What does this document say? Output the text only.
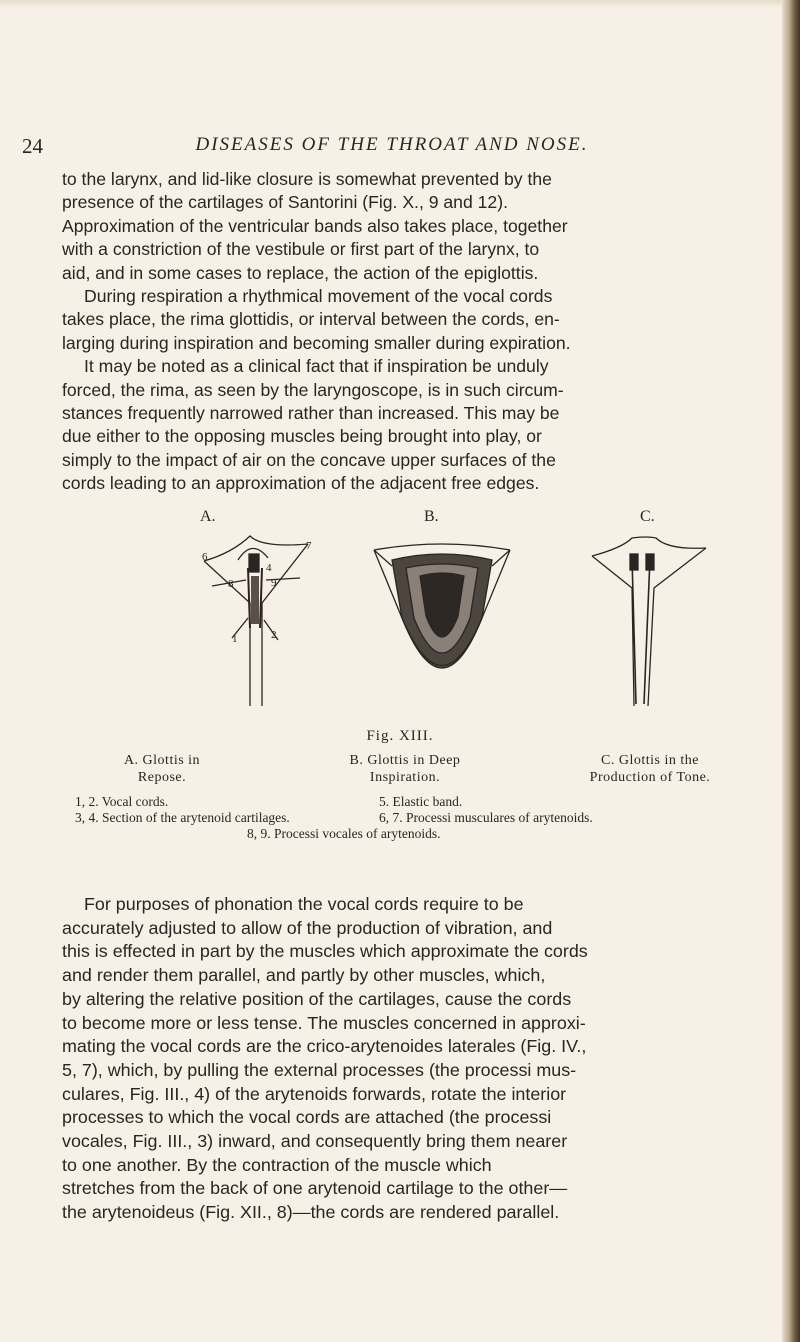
24	DISEASES OF THE THROAT AND NOSE.

to the larynx, and lid-like closure is somewhat prevented by the
presence of the cartilages of Santorini (Fig. X., 9 and 12).
Approximation of the ventricular bands also takes place, together
with a constriction of the vestibule or first part of the larynx, to
aid, and in some cases to replace, the action of the epiglottis.
During respiration a rhythmical movement of the vocal cords
takes place, the rima glottidis, or interval between the cords, en-
larging during inspiration and becoming smaller during expiration.
It may be noted as a clinical fact that if inspiration be unduly
forced, the rima, as seen by the laryngoscope, is in such circum-
stances frequently narrowed rather than increased. This may be
due either to the opposing muscles being brought into play, or
simply to the impact of air on the concave upper surfaces of the
cords leading to an approximation of the adjacent free edges.

A.	B.	C.
6
7
4
8	9
1	2
Fig. XIII.
A. Glottis in
Repose.
B. Glottis in Deep
Inspiration.
C. Glottis in the
Production of Tone.
1, 2. Vocal cords.	5. Elastic band.
3, 4. Section of the arytenoid cartilages.	6, 7. Processi musculares of arytenoids.
8, 9. Processi vocales of arytenoids.

For purposes of phonation the vocal cords require to be
accurately adjusted to allow of the production of vibration, and
this is effected in part by the muscles which approximate the cords
and render them parallel, and partly by other muscles, which,
by altering the relative position of the cartilages, cause the cords
to become more or less tense. The muscles concerned in approxi-
mating the vocal cords are the crico-arytenoides laterales (Fig. IV.,
5, 7), which, by pulling the external processes (the processi mus-
culares, Fig. III., 4) of the arytenoids forwards, rotate the interior
processes to which the vocal cords are attached (the processi
vocales, Fig. III., 3) inward, and consequently bring them nearer
to one another. By the contraction of the muscle which
stretches from the back of one arytenoid cartilage to the other—
the arytenoideus (Fig. XII., 8)—the cords are rendered parallel.
